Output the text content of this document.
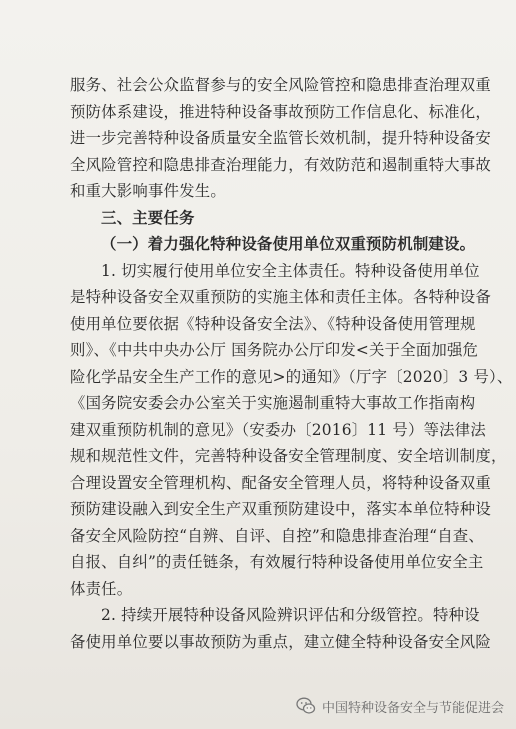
服务、社会公众监督参与的安全风险管控和隐患排查治理双重
预防体系建设，推进特种设备事故预防工作信息化、标准化，
进一步完善特种设备质量安全监管长效机制，提升特种设备安
全风险管控和隐患排查治理能力，有效防范和遏制重特大事故
和重大影响事件发生。
三、主要任务
（一）着力强化特种设备使用单位双重预防机制建设。
1. 切实履行使用单位安全主体责任。特种设备使用单位
是特种设备安全双重预防的实施主体和责任主体。各特种设备
使用单位要依据《特种设备安全法》、《特种设备使用管理规
则》、《中共中央办公厅 国务院办公厅印发<关于全面加强危
险化学品安全生产工作的意见>的通知》（厅字〔2020〕3 号）、
《国务院安委会办公室关于实施遏制重特大事故工作指南构
建双重预防机制的意见》（安委办〔2016〕11 号）等法律法
规和规范性文件，完善特种设备安全管理制度、安全培训制度，
合理设置安全管理机构、配备安全管理人员，将特种设备双重
预防建设融入到安全生产双重预防建设中，落实本单位特种设
备安全风险防控“自辨、自评、自控”和隐患排查治理“自查、
自报、自纠”的责任链条，有效履行特种设备使用单位安全主
体责任。
2. 持续开展特种设备风险辨识评估和分级管控。特种设
备使用单位要以事故预防为重点，建立健全特种设备安全风险
中国特种设备安全与节能促进会
